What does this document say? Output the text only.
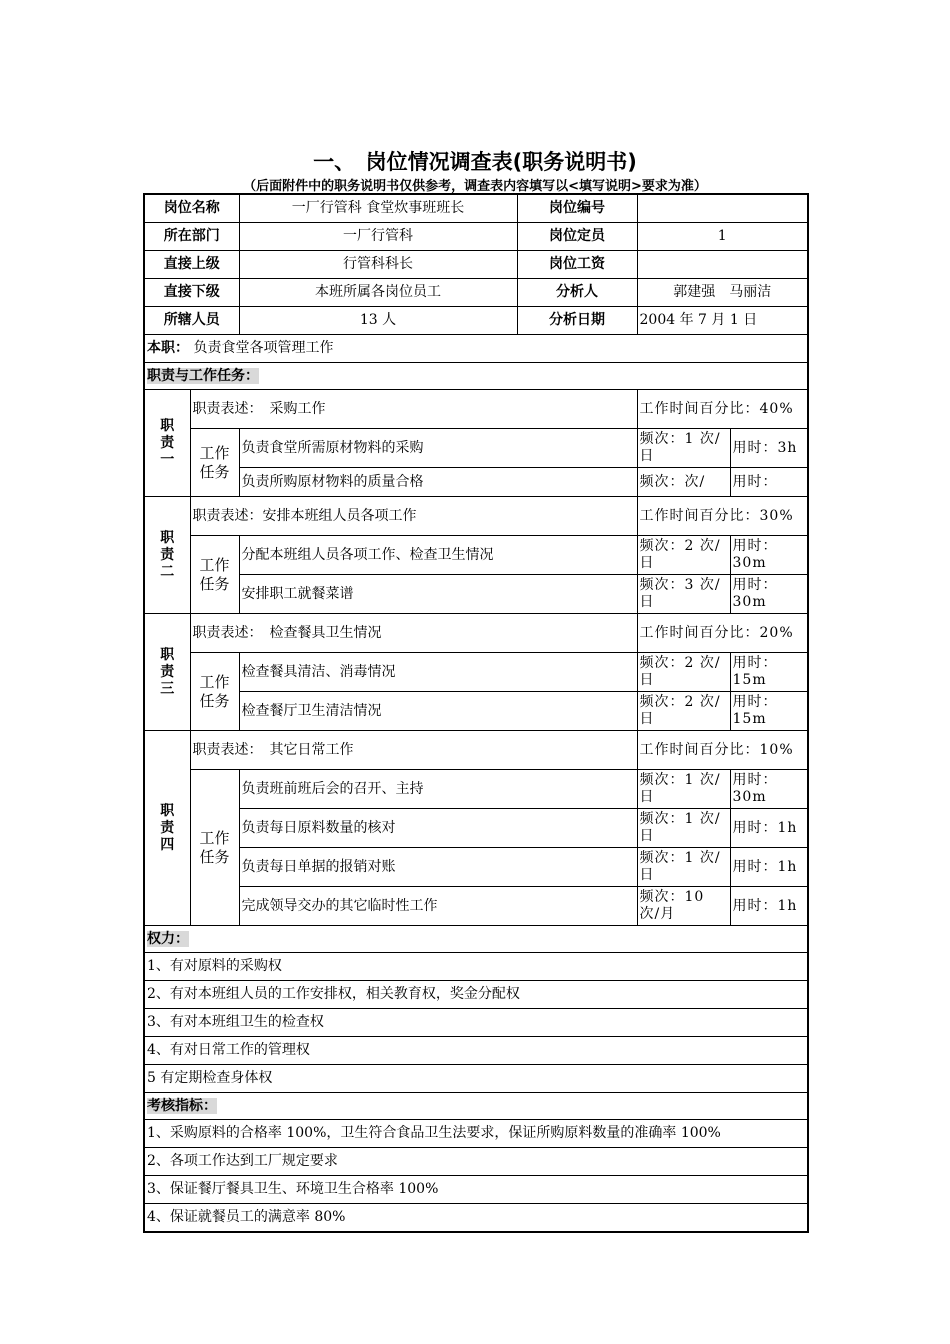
一、　岗位情况调查表(职务说明书)
（后面附件中的职务说明书仅供参考，调查表内容填写以<填写说明>要求为准）
岗位名称		一厂行管科 食堂炊事班班长	岗位编号		
所在部门		一厂行管科	岗位定员	1	
直接上级		行管科科长	岗位工资		
直接下级		本班所属各岗位员工	分析人	郭建强　马丽洁	
所辖人员		13 人	分析日期	2004 年 7 月 1 日	
本职： 负责食堂各项管理工作					
职责与工作任务：					
职责一	职责表述：　采购工作			工作时间百分比：40%	
	工作任务	负责食堂所需原材物料的采购		频次：1 次/日	用时：3h
		负责所购原材物料的质量合格		频次：次/	用时：
职责二	职责表述：安排本班组人员各项工作			工作时间百分比：30%	
	工作任务	分配本班组人员各项工作、检查卫生情况		频次：2 次/日	用时：30m
		安排职工就餐菜谱		频次：3 次/日	用时：30m
职责三	职责表述：　检查餐具卫生情况			工作时间百分比：20%	
	工作任务	检查餐具清洁、消毒情况		频次：2 次/日	用时：15m
		检查餐厅卫生清洁情况		频次：2 次/日	用时：15m
职责四	职责表述：　其它日常工作			工作时间百分比：10%	
	工作任务	负责班前班后会的召开、主持		频次：1 次/日	用时：30m
		负责每日原料数量的核对		频次：1 次/日	用时：1h
		负责每日单据的报销对账		频次：1 次/日	用时：1h
		完成领导交办的其它临时性工作		频次：10 次/月	用时：1h
权力：					
1、有对原料的采购权					
2、有对本班组人员的工作安排权，相关教育权，奖金分配权					
3、有对本班组卫生的检查权					
4、有对日常工作的管理权					
5 有定期检查身体权					
考核指标：					
1、采购原料的合格率 100%，卫生符合食品卫生法要求，保证所购原料数量的准确率 100%					
2、各项工作达到工厂规定要求					
3、保证餐厅餐具卫生、环境卫生合格率 100%					
4、保证就餐员工的满意率 80%					
